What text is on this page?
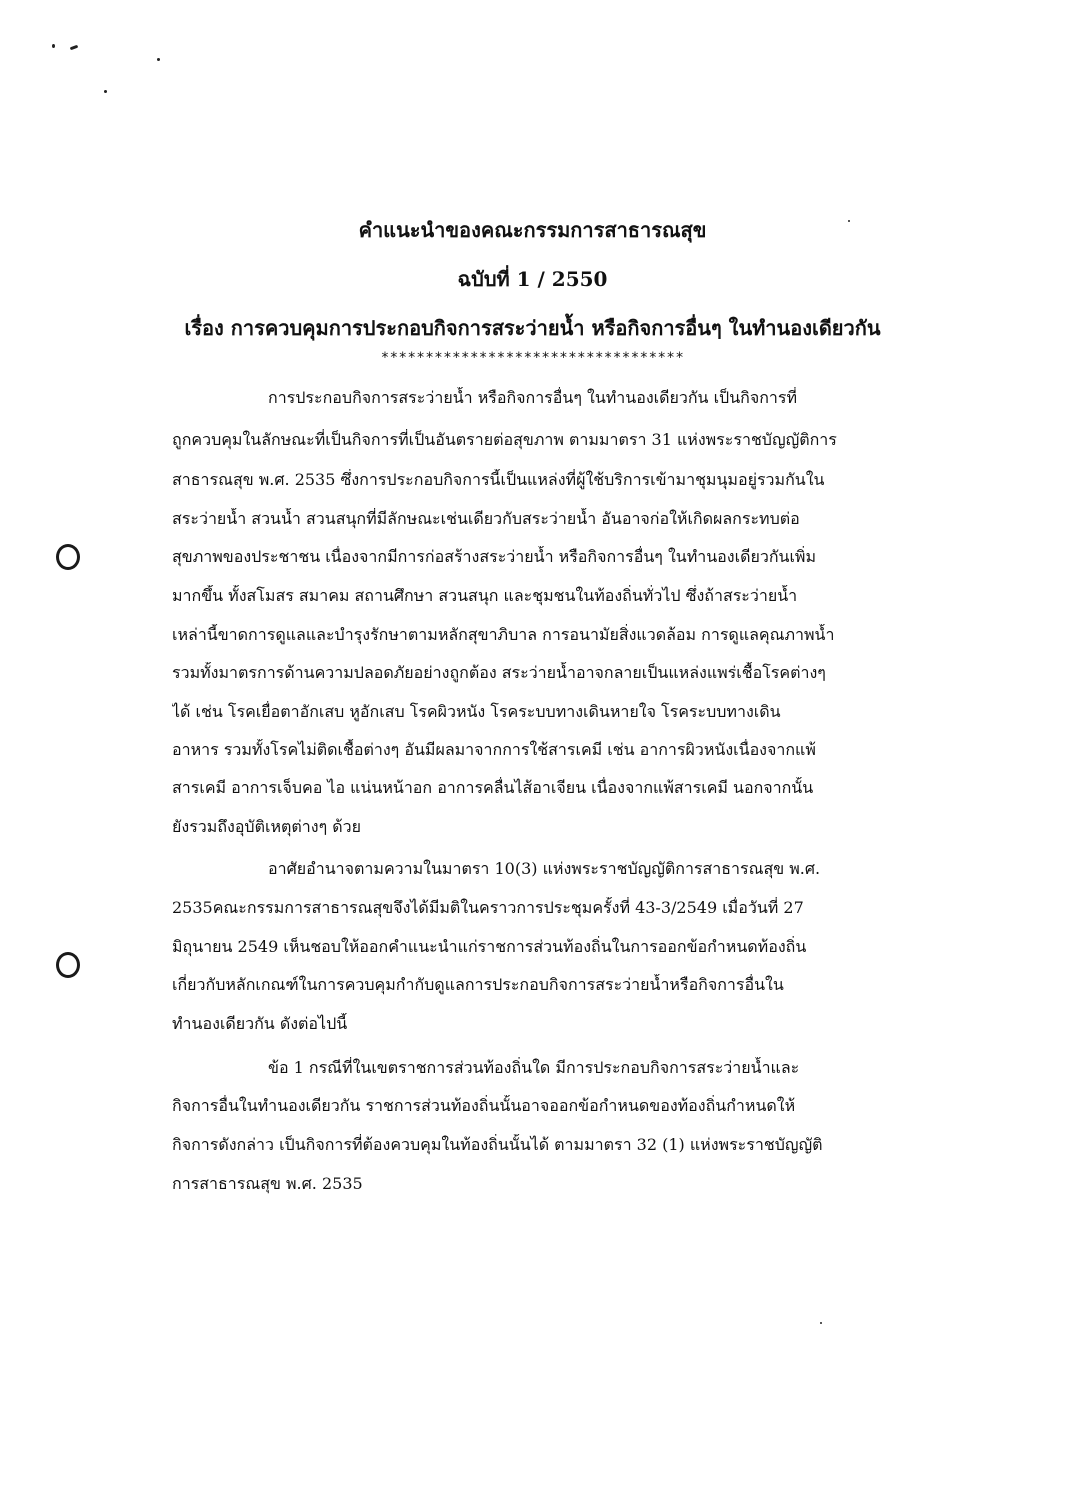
คำแนะนำของคณะกรรมการสาธารณสุข
ฉบับที่ 1 / 2550
เรื่อง การควบคุมการประกอบกิจการสระว่ายน้ำ หรือกิจการอื่นๆ ในทำนองเดียวกัน
**********************************
การประกอบกิจการสระว่ายน้ำ หรือกิจการอื่นๆ ในทำนองเดียวกัน เป็นกิจการที่
ถูกควบคุมในลักษณะที่เป็นกิจการที่เป็นอันตรายต่อสุขภาพ ตามมาตรา 31 แห่งพระราชบัญญัติการ
สาธารณสุข พ.ศ. 2535 ซึ่งการประกอบกิจการนี้เป็นแหล่งที่ผู้ใช้บริการเข้ามาชุมนุมอยู่รวมกันใน
สระว่ายน้ำ สวนน้ำ สวนสนุกที่มีลักษณะเช่นเดียวกับสระว่ายน้ำ อันอาจก่อให้เกิดผลกระทบต่อ
สุขภาพของประชาชน เนื่องจากมีการก่อสร้างสระว่ายน้ำ หรือกิจการอื่นๆ ในทำนองเดียวกันเพิ่ม
มากขึ้น ทั้งสโมสร สมาคม สถานศึกษา สวนสนุก และชุมชนในท้องถิ่นทั่วไป ซึ่งถ้าสระว่ายน้ำ
เหล่านี้ขาดการดูแลและบำรุงรักษาตามหลักสุขาภิบาล การอนามัยสิ่งแวดล้อม การดูแลคุณภาพน้ำ
รวมทั้งมาตรการด้านความปลอดภัยอย่างถูกต้อง สระว่ายน้ำอาจกลายเป็นแหล่งแพร่เชื้อโรคต่างๆ
ได้ เช่น โรคเยื่อตาอักเสบ หูอักเสบ โรคผิวหนัง โรคระบบทางเดินหายใจ โรคระบบทางเดิน
อาหาร รวมทั้งโรคไม่ติดเชื้อต่างๆ อันมีผลมาจากการใช้สารเคมี เช่น อาการผิวหนังเนื่องจากแพ้
สารเคมี อาการเจ็บคอ ไอ แน่นหน้าอก อาการคลื่นไส้อาเจียน เนื่องจากแพ้สารเคมี นอกจากนั้น
ยังรวมถึงอุบัติเหตุต่างๆ ด้วย
อาศัยอำนาจตามความในมาตรา 10(3) แห่งพระราชบัญญัติการสาธารณสุข พ.ศ.
2535คณะกรรมการสาธารณสุขจึงได้มีมติในคราวการประชุมครั้งที่ 43-3/2549 เมื่อวันที่ 27
มิถุนายน 2549 เห็นชอบให้ออกคำแนะนำแก่ราชการส่วนท้องถิ่นในการออกข้อกำหนดท้องถิ่น
เกี่ยวกับหลักเกณฑ์ในการควบคุมกำกับดูแลการประกอบกิจการสระว่ายน้ำหรือกิจการอื่นใน
ทำนองเดียวกัน ดังต่อไปนี้
ข้อ 1 กรณีที่ในเขตราชการส่วนท้องถิ่นใด มีการประกอบกิจการสระว่ายน้ำและ
กิจการอื่นในทำนองเดียวกัน ราชการส่วนท้องถิ่นนั้นอาจออกข้อกำหนดของท้องถิ่นกำหนดให้
กิจการดังกล่าว เป็นกิจการที่ต้องควบคุมในท้องถิ่นนั้นได้ ตามมาตรา 32 (1) แห่งพระราชบัญญัติ
การสาธารณสุข พ.ศ. 2535
